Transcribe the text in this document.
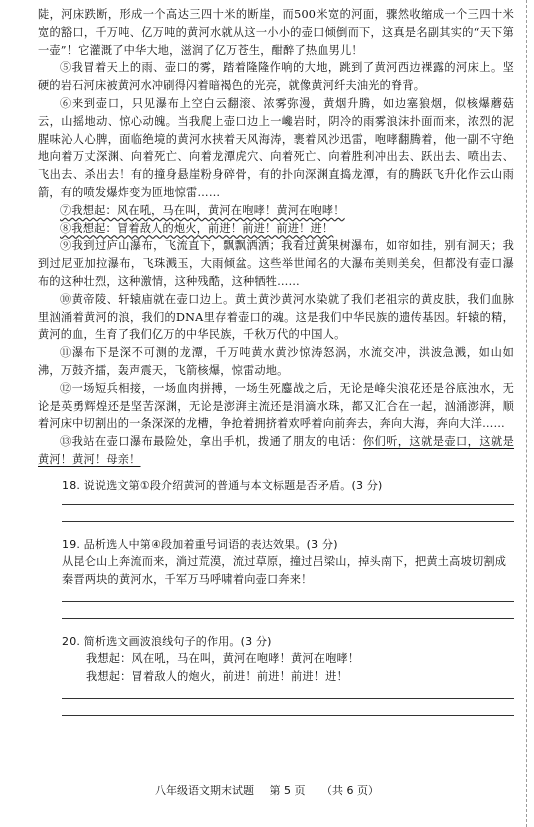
陡，河床跌断，形成一个高达三四十米的断崖，而500米宽的河面，骤然收缩成一个三四十米宽的豁口，千万吨、亿万吨的黄河水就从这一小小的壶口倾倒而下，这真是名副其实的“天下第一壶”！它灌溉了中华大地，滋润了亿万苍生，酣醉了热血男儿！

⑤我冒着天上的雨、壶口的雾，踏着隆隆作响的大地，跳到了黄河西边裸露的河床上。坚硬的岩石河床被黄河水冲刷得闪着暗褐色的光亮，就像黄河纤夫油光的脊背。

⑥来到壶口，只见瀑布上空白云翻滚、浓雾弥漫，黄烟升腾，如边塞狼烟，似核爆蘑菇云，山摇地动、惊心动魄。当我爬上壶口边上一巉岩时，阴冷的雨雾浪沫扑面而来，浓烈的泥腥味沁人心脾，面临绝境的黄河水挟着天风海涛，裹着风沙迅雷，咆哮翻腾着，他一副不守绝地向着万丈深渊、向着死亡、向着龙潭虎穴、向着死亡、向着胜利冲出去、跃出去、喷出去、飞出去、杀出去！有的撞身悬崖粉身碎骨，有的扑向深渊直捣龙潭，有的腾跃飞升化作云山雨箭，有的喷发爆炸变为匝地惊雷……

⑦我想起：风在吼，马在叫，黄河在咆哮！黄河在咆哮！

⑧我想起：冒着敌人的炮火，前进！前进！前进！进！

⑨我到过庐山瀑布，飞流直下，飘飘洒洒；我看过黄果树瀑布，如帘如挂，别有洞天；我到过尼亚加拉瀑布，飞珠溅玉，大雨倾盆。这些举世闻名的大瀑布美则美矣，但都没有壶口瀑布的这种壮烈，这种激情，这种残酷，这种牺牲……

⑩黄帝陵、轩辕庙就在壶口边上。黄土黄沙黄河水染就了我们老祖宗的黄皮肤，我们血脉里汹涌着黄河的浪，我们的DNA里存着壶口的魂。这是我们中华民族的遗传基因。轩辕的精，黄河的血，生育了我们亿万的中华民族，千秋万代的中国人。

⑪瀑布下是深不可测的龙潭，千万吨黄水黄沙惊涛怒涡，水流交冲，洪波急溅，如山如沸，万鼓齐擂，轰声震天，飞箭核爆，惊雷动地。

⑫一场短兵相接，一场血肉拼搏，一场生死鏖战之后，无论是峰尖浪花还是谷底浊水，无论是英勇辉煌还是坚苦深渊，无论是澎湃主流还是涓滴水珠，都又汇合在一起，汹涌澎湃，顺着河床中切割出的一条深深的龙槽，争抢着拥挤着欢呼着向前奔去，奔向大海，奔向大洋……

⑬我站在壶口瀑布最险处，拿出手机，拨通了朋友的电话：你们听，这就是壶口，这就是黄河！黄河！母亲！

18. 说说选文第①段介绍黄河的普通与本文标题是否矛盾。(3 分)
19. 品析选人中第④段加着重号词语的表达效果。(3 分)

从昆仑山上奔流而来，淌过荒漠，流过草原，撞过吕梁山，掉头南下，把黄土高坡切割成秦晋两块的黄河水，千军万马呼啸着向壶口奔来！

20. 简析选文画波浪线句子的作用。(3 分)

我想起：风在吼，马在叫，黄河在咆哮！黄河在咆哮！

我想起：冒着敌人的炮火，前进！前进！前进！进！

八年级语文期末试题 第 5 页 （共 6 页）
